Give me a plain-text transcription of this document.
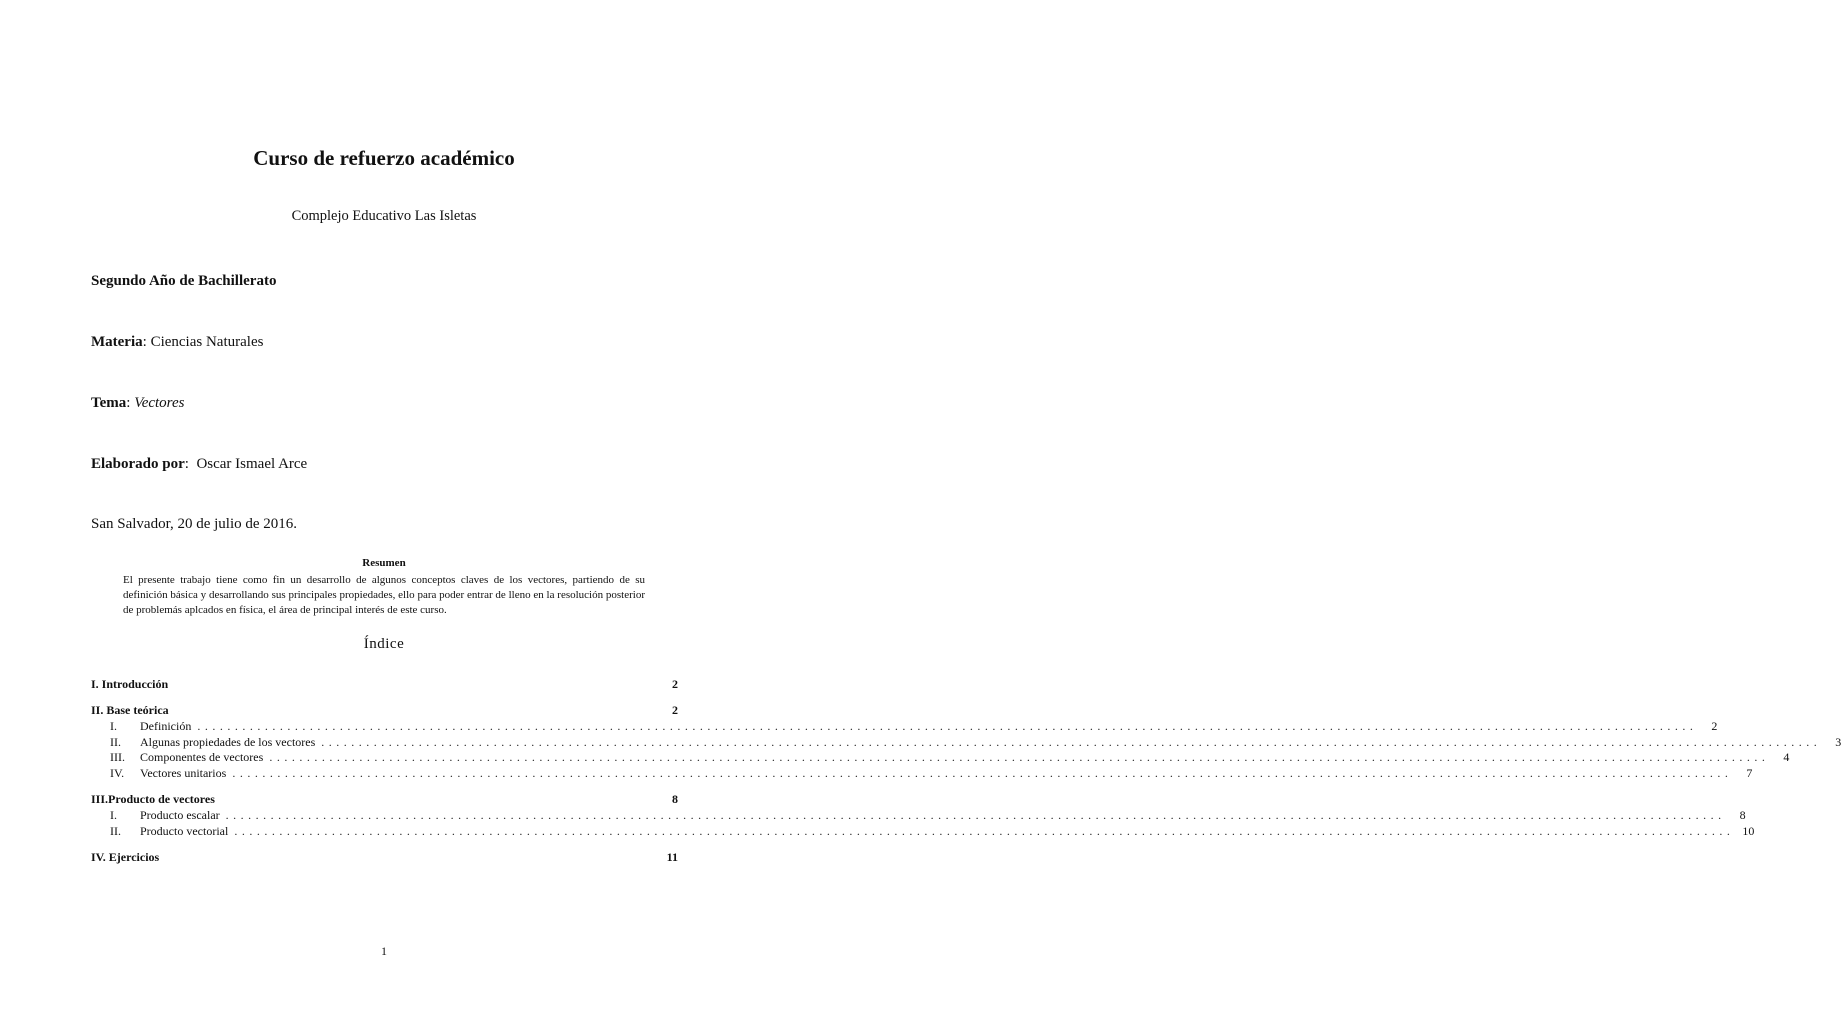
Curso de refuerzo académico
Complejo Educativo Las Isletas
Segundo Año de Bachillerato
Materia: Ciencias Naturales
Tema: Vectores
Elaborado por:  Oscar Ismael Arce
San Salvador, 20 de julio de 2016.
Resumen
El presente trabajo tiene como fin un desarrollo de algunos conceptos claves de los vectores, partiendo de su definición básica y desarrollando sus principales propiedades, ello para poder entrar de lleno en la resolución posterior de problemás aplcados en física, el área de principal interés de este curso.
Índice
I. Introducción	2
II. Base teórica	2
I.	Definición ........................................................................................................................................................................................................	2
II.	Algunas propiedades de los vectores ........................................................................................................................................................................................................	3
III.	Componentes de vectores ........................................................................................................................................................................................................	4
IV.	Vectores unitarios ........................................................................................................................................................................................................	7
III.Producto de vectores	8
I.	Producto escalar ........................................................................................................................................................................................................	8
II.	Producto vectorial ........................................................................................................................................................................................................ 10
IV. Ejercicios	11
1
